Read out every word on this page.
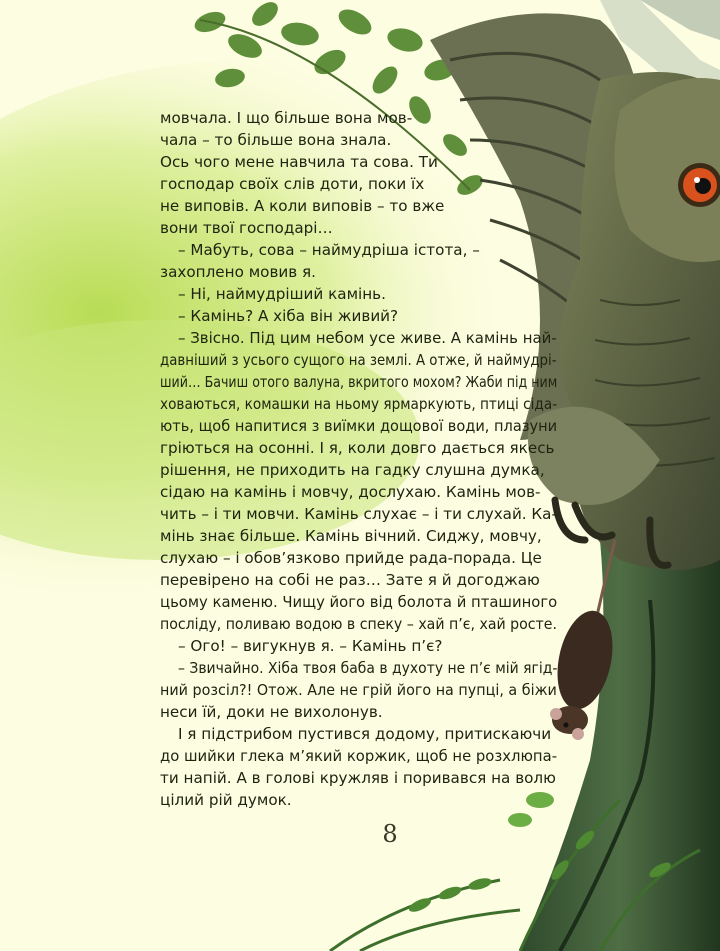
мовчала. І що більше вона мов-
чала – то більше вона знала.
Ось чого мене навчила та сова. Ти
господар своїх слів доти, поки їх
не виповів. А коли виповів – то вже
вони твої господарі…
– Мабуть, сова – наймудріша істота, –
захоплено мовив я.
– Ні, наймудріший камінь.
– Камінь? А хіба він живий?
– Звісно. Під цим небом усе живе. А камінь най-
давніший з усього сущого на землі. А отже, й наймудрі-
ший… Бачиш отого валуна, вкритого мохом? Жаби під ним
ховаються, комашки на ньому ярмаркують, птиці сіда-
ють, щоб напитися з виїмки дощової води, плазуни
гріються на осонні. І я, коли довго дається якесь
рішення, не приходить на гадку слушна думка,
сідаю на камінь і мовчу, дослухаю. Камінь мов-
чить – і ти мовчи. Камінь слухає – і ти слухай. Ка-
мінь знає більше. Камінь вічний. Сиджу, мовчу,
слухаю – і обов’язково прийде рада-порада. Це
перевірено на собі не раз… Зате я й догоджаю
цьому каменю. Чищу його від болота й пташиного
посліду, поливаю водою в спеку – хай п’є, хай росте.
– Ого! – вигукнув я. – Камінь п’є?
– Звичайно. Хіба твоя баба в духоту не п’є мій ягід-
ний розсіл?! Отож. Але не грій його на пупці, а біжи
неси їй, доки не вихолонув.
І я підстрибом пустився додому, притискаючи
до шийки глека м’який коржик, щоб не розхлюпа-
ти напій. А в голові кружляв і поривався на волю
цілий рій думок.
8
